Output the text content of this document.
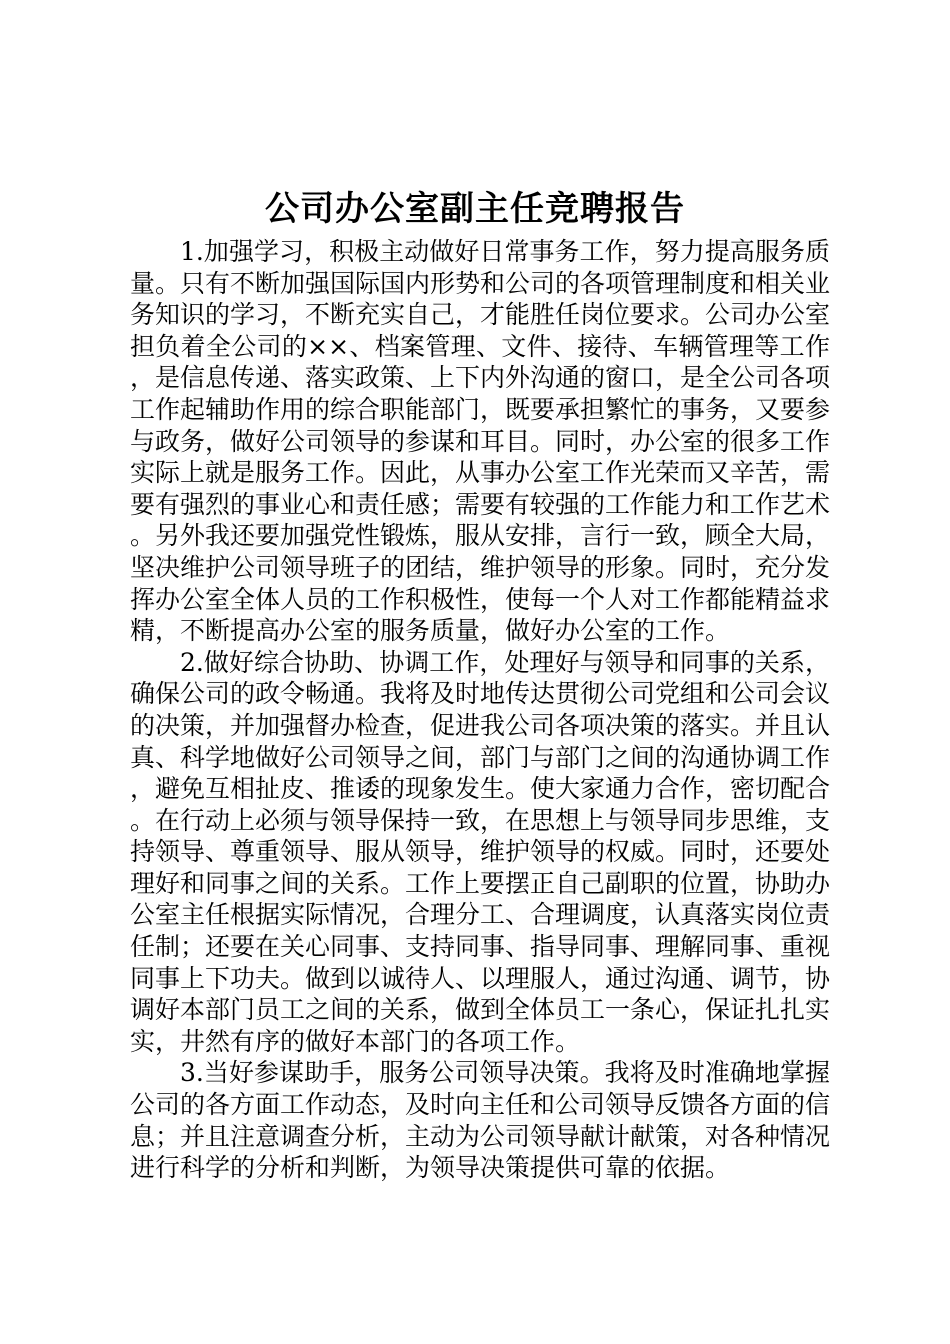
公司办公室副主任竞聘报告

1.加强学习，积极主动做好日常事务工作，努力提高服务质量。只有不断加强国际国内形势和公司的各项管理制度和相关业务知识的学习，不断充实自己，才能胜任岗位要求。公司办公室担负着全公司的××、档案管理、文件、接待、车辆管理等工作，是信息传递、落实政策、上下内外沟通的窗口，是全公司各项工作起辅助作用的综合职能部门，既要承担繁忙的事务，又要参与政务，做好公司领导的参谋和耳目。同时，办公室的很多工作实际上就是服务工作。因此，从事办公室工作光荣而又辛苦，需要有强烈的事业心和责任感；需要有较强的工作能力和工作艺术。另外我还要加强党性锻炼，服从安排，言行一致，顾全大局，坚决维护公司领导班子的团结，维护领导的形象。同时，充分发挥办公室全体人员的工作积极性，使每一个人对工作都能精益求精，不断提高办公室的服务质量，做好办公室的工作。

2.做好综合协助、协调工作，处理好与领导和同事的关系，确保公司的政令畅通。我将及时地传达贯彻公司党组和公司会议的决策，并加强督办检查，促进我公司各项决策的落实。并且认真、科学地做好公司领导之间，部门与部门之间的沟通协调工作，避免互相扯皮、推诿的现象发生。使大家通力合作，密切配合。在行动上必须与领导保持一致，在思想上与领导同步思维，支持领导、尊重领导、服从领导，维护领导的权威。同时，还要处理好和同事之间的关系。工作上要摆正自己副职的位置，协助办公室主任根据实际情况，合理分工、合理调度，认真落实岗位责任制；还要在关心同事、支持同事、指导同事、理解同事、重视同事上下功夫。做到以诚待人、以理服人，通过沟通、调节，协调好本部门员工之间的关系，做到全体员工一条心，保证扎扎实实，井然有序的做好本部门的各项工作。

3.当好参谋助手，服务公司领导决策。我将及时准确地掌握公司的各方面工作动态，及时向主任和公司领导反馈各方面的信息；并且注意调查分析，主动为公司领导献计献策，对各种情况进行科学的分析和判断，为领导决策提供可靠的依据。
